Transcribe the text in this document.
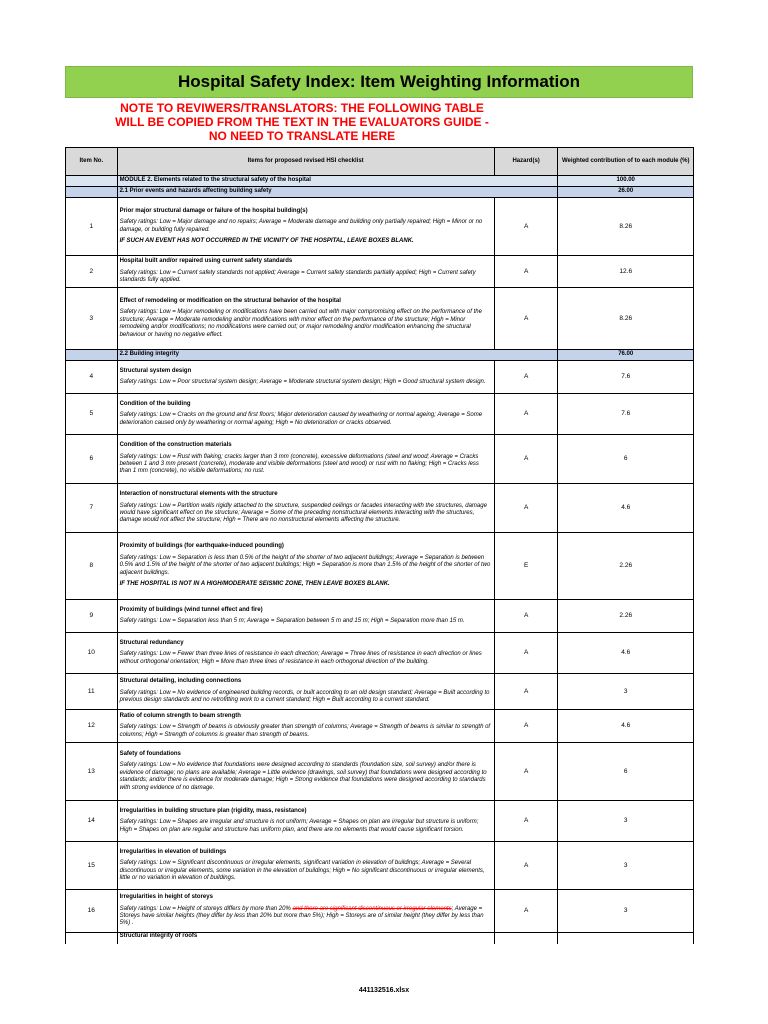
Hospital Safety Index: Item Weighting Information
NOTE TO REVIWERS/TRANSLATORS: THE FOLLOWING TABLE
WILL BE COPIED FROM THE TEXT IN THE EVALUATORS GUIDE -
NO NEED TO TRANSLATE HERE
Item No.	Items for proposed revised HSI checklist	Hazard(s)	Weighted contribution of to each module (%)
	MODULE 2. Elements related to the structural safety of the hospital		100.00
	2.1 Prior events and hazards affecting building safety		26.00
1	Prior major structural damage or failure of the hospital building(s)
Safety ratings: Low = Major damage and no repairs; Average = Moderate damage and building only partially repaired; High = Minor or no damage, or building fully repaired.
IF SUCH AN EVENT HAS NOT OCCURRED IN THE VICINITY OF THE HOSPITAL, LEAVE BOXES BLANK.	A	8.26
2	Hospital built and/or repaired using current safety standards
Safety ratings: Low = Current safety standards not applied; Average = Current safety standards partially applied; High = Current safety standards fully applied.	A	12.6
3	Effect of remodeling or modification on the structural behavior of the hospital
Safety ratings: Low = Major remodeling or modifications have been carried out with major compromising effect on the performance of the structure; Average = Moderate remodeling and/or modifications with minor effect on the performance of the structure; High = Minor remodeling and/or modifications; no modifications were carried out; or major remodeling and/or modification enhancing the structural behaviour or having no negative effect.	A	8.26
	2.2 Building integrity		76.00
4	Structural system design
Safety ratings: Low = Poor structural system design; Average = Moderate structural system design; High = Good structural system design.	A	7.6
5	Condition of the building
Safety ratings: Low = Cracks on the ground and first floors; Major deterioration caused by weathering or normal ageing; Average = Some deterioration caused only by weathering or normal ageing; High = No deterioration or cracks observed.	A	7.6
6	Condition of the construction materials
Safety ratings: Low = Rust with flaking; cracks larger than 3 mm (concrete), excessive deformations (steel and wood; Average = Cracks between 1 and 3 mm present (concrete), moderate and visible deformations (steel and wood) or rust with no flaking; High = Cracks less than 1 mm (concrete), no visible deformations; no rust.	A	6
7	Interaction of nonstructural elements with the structure
Safety ratings: Low = Partition walls rigidly attached to the structure, suspended ceilings or facades interacting with the structures, damage would have significant effect on the structure; Average = Some of the preceding nonstructural elements interacting with the structures, damage would not affect the structure; High = There are no nonstructural elements affecting the structure.	A	4.6
8	Proximity of buildings (for earthquake-induced pounding)
Safety ratings: Low = Separation is less than 0.5% of the height of the shorter of two adjacent buildings; Average = Separation is between 0.5% and 1.5% of the height of the shorter of two adjacent buildings; High = Separation is more than 1.5% of the height of the shorter of two adjacent buildings.
IF THE HOSPITAL IS NOT IN A HIGH/MODERATE SEISMIC ZONE, THEN LEAVE BOXES BLANK.	E	2.26
9	Proximity of buildings (wind tunnel effect and fire)
Safety ratings: Low = Separation less than 5 m; Average = Separation between 5 m and 15 m; High = Separation more than 15 m.	A	2.26
10	Structural redundancy
Safety ratings: Low = Fewer than three lines of resistance in each direction; Average = Three lines of resistance in each direction or lines without orthogonal orientation; High = More than three lines of resistance in each orthogonal direction of the building.	A	4.6
11	Structural detailing, including connections
Safety ratings: Low = No evidence of engineered building records, or built according to an old design standard; Average = Built according to previous design standards and no retrofitting work to a current standard; High = Built according to a current standard.	A	3
12	Ratio of column strength to beam strength
Safety ratings: Low = Strength of beams is obviously greater than strength of columns; Average = Strength of beams is similar to strength of columns; High = Strength of columns is greater than strength of beams.	A	4.6
13	Safety of foundations
Safety ratings: Low = No evidence that foundations were designed according to standards (foundation size, soil survey) and/or there is evidence of damage; no plans are available; Average = Little evidence (drawings, soil survey) that foundations were designed according to standards; and/or there is evidence for moderate damage; High = Strong evidence that foundations were designed according to standards with strong evidence of no damage.	A	6
14	Irregularities in building structure plan (rigidity, mass, resistance)
Safety ratings: Low = Shapes are irregular and structure is not uniform; Average = Shapes on plan are irregular but structure is uniform; High = Shapes on plan are regular and structure has uniform plan, and there are no elements that would cause significant torsion.	A	3
15	Irregularities in elevation of buildings
Safety ratings: Low = Significant discontinuous or irregular elements, significant variation in elevation of buildings; Average = Several discontinuous or irregular elements, some variation in the elevation of buildings; High = No significant discontinuous or irregular elements, little or no variation in elevation of buildings.	A	3
16	Irregularities in height of storeys
Safety ratings: Low = Height of storeys differs by more than 20% and there are significant discontinuous or irregular elements; Average = Storeys have similar heights (they differ by less than 20% but more than 5%); High = Storeys are of similar height (they differ by less than 5%) .	A	3

	Structural integrity of roofs		

441132516.xlsx
